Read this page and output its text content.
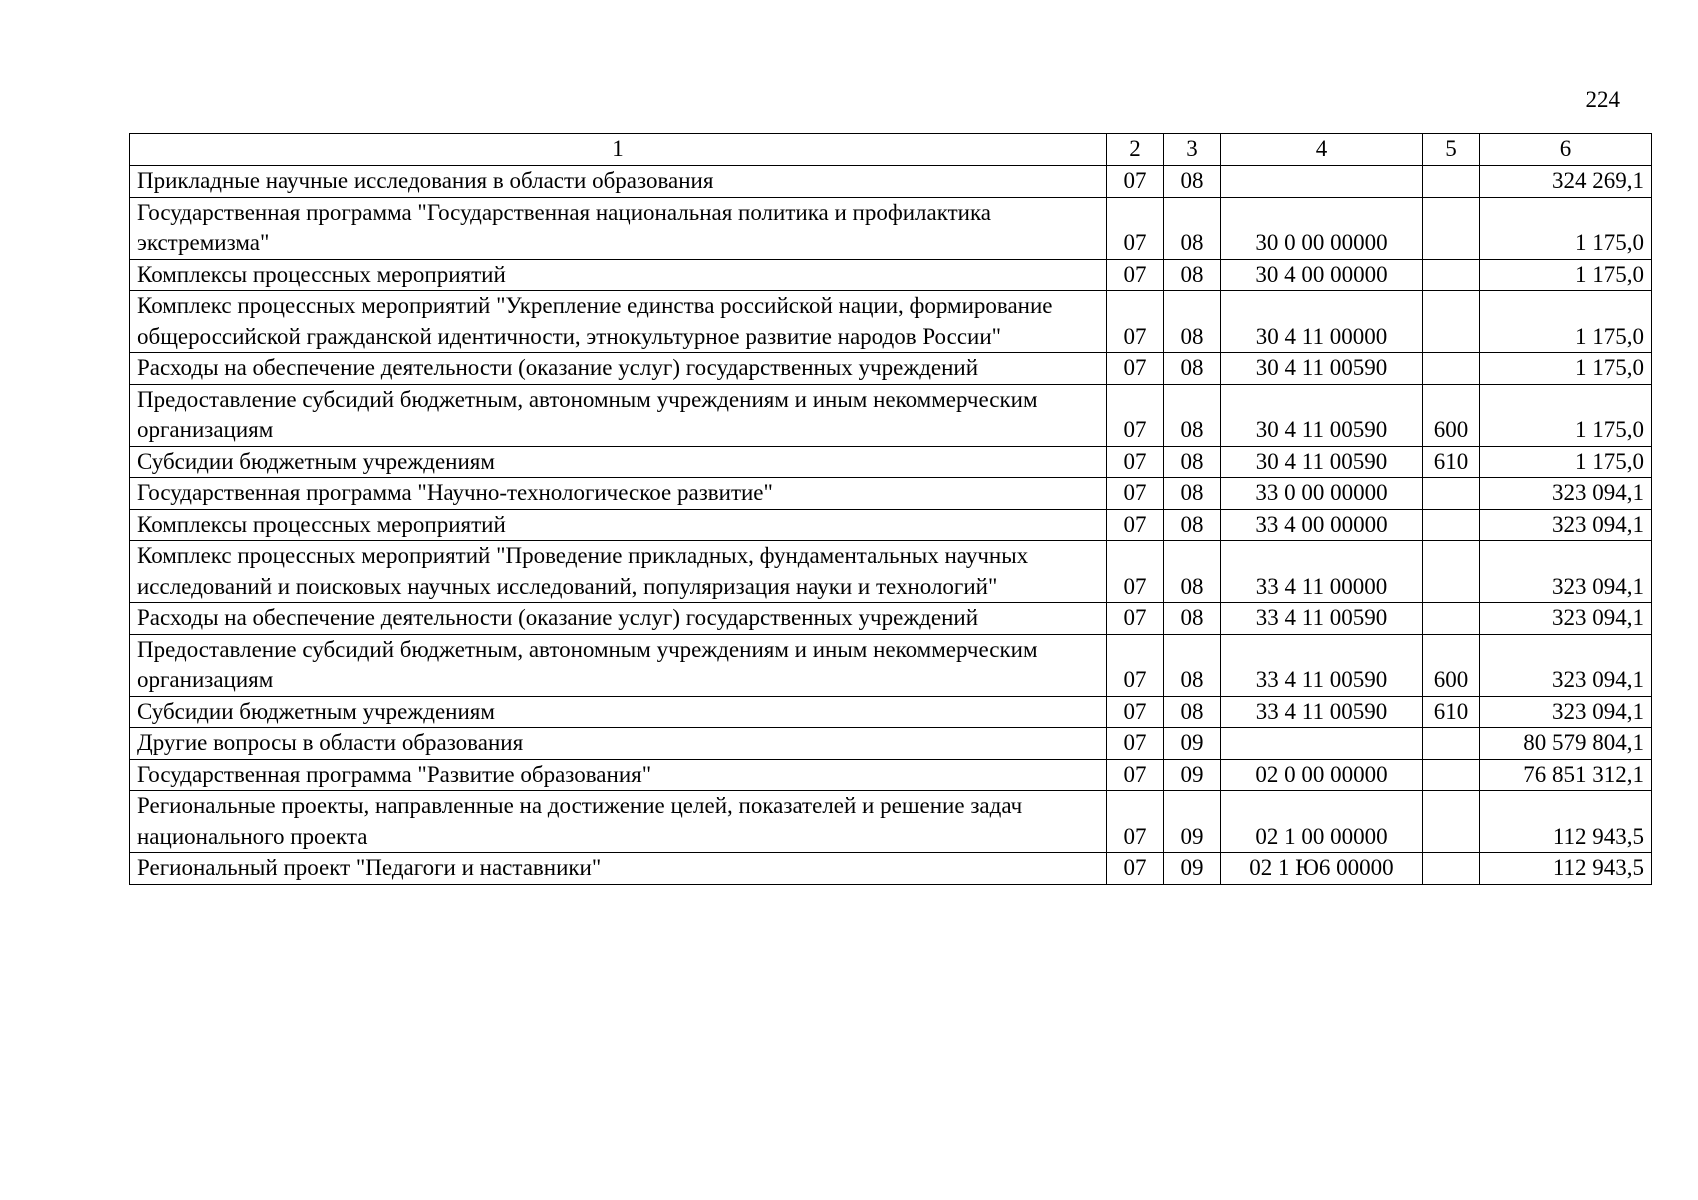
224
1	2	3	4	5	6
Прикладные научные исследования в области образования	07	08			324 269,1
Государственная программа "Государственная национальная политика и профилактика экстремизма"	07	08	30 0 00 00000		1 175,0
Комплексы процессных мероприятий	07	08	30 4 00 00000		1 175,0
Комплекс процессных мероприятий "Укрепление единства российской нации, формирование общероссийской гражданской идентичности, этнокультурное развитие народов России"	07	08	30 4 11 00000		1 175,0
Расходы на обеспечение деятельности (оказание услуг) государственных учреждений	07	08	30 4 11 00590		1 175,0
Предоставление субсидий бюджетным, автономным учреждениям и иным некоммерческим организациям	07	08	30 4 11 00590	600	1 175,0
Субсидии бюджетным учреждениям	07	08	30 4 11 00590	610	1 175,0
Государственная программа "Научно-технологическое развитие"	07	08	33 0 00 00000		323 094,1
Комплексы процессных мероприятий	07	08	33 4 00 00000		323 094,1
Комплекс процессных мероприятий "Проведение прикладных, фундаментальных научных исследований и поисковых научных исследований, популяризация науки и технологий"	07	08	33 4 11 00000		323 094,1
Расходы на обеспечение деятельности (оказание услуг) государственных учреждений	07	08	33 4 11 00590		323 094,1
Предоставление субсидий бюджетным, автономным учреждениям и иным некоммерческим организациям	07	08	33 4 11 00590	600	323 094,1
Субсидии бюджетным учреждениям	07	08	33 4 11 00590	610	323 094,1
Другие вопросы в области образования	07	09			80 579 804,1
Государственная программа "Развитие образования"	07	09	02 0 00 00000		76 851 312,1
Региональные проекты, направленные на достижение целей, показателей и решение задач национального проекта	07	09	02 1 00 00000		112 943,5
Региональный проект "Педагоги и наставники"	07	09	02 1 Ю6 00000		112 943,5
